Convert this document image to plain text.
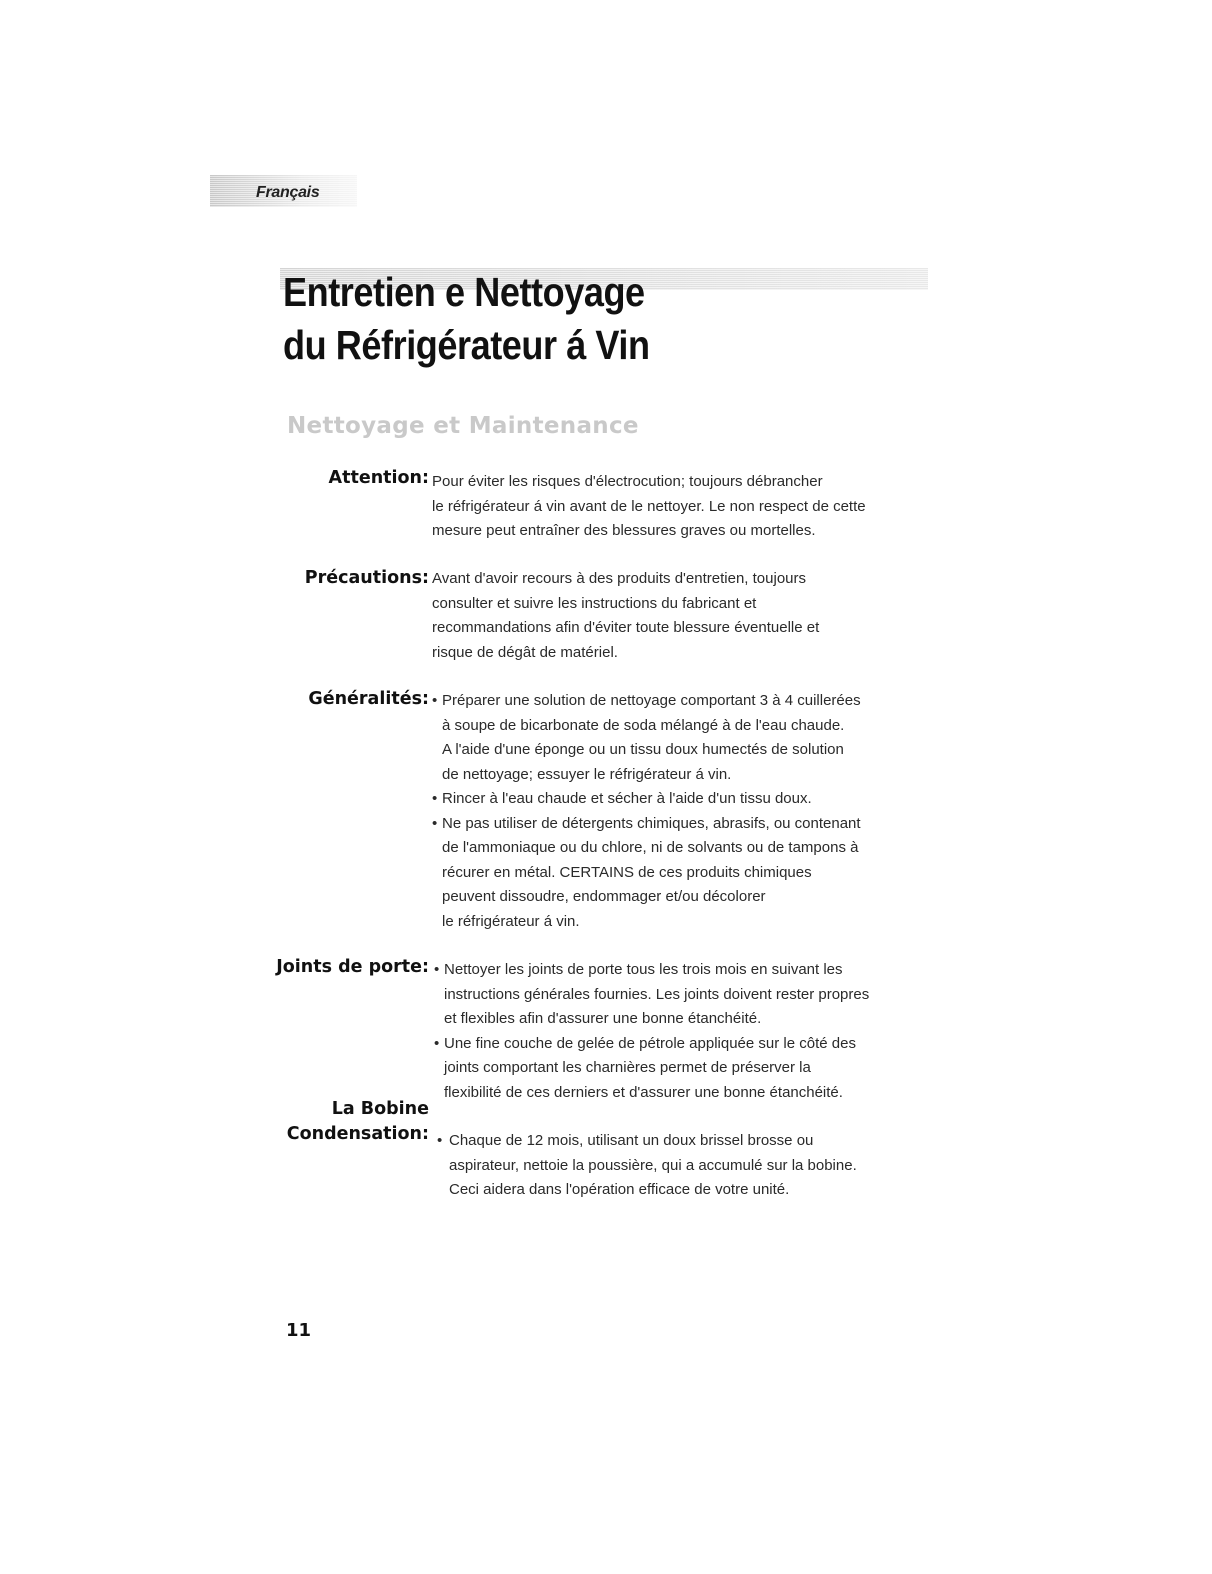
Français
Entretien e Nettoyage
du Réfrigérateur á Vin
Nettoyage et Maintenance
Attention: Pour éviter les risques d'électrocution; toujours débrancher

le réfrigérateur á vin avant de le nettoyer. Le non respect de cette

mesure peut entraîner des blessures graves ou mortelles.

Précautions: Avant d'avoir recours à des produits d'entretien, toujours

consulter et suivre les instructions du fabricant et

recommandations afin d'éviter toute blessure éventuelle et

risque de dégât de matériel.

Généralités: • Préparer une solution de nettoyage comportant 3 à 4 cuillerées

à soupe de bicarbonate de soda mélangé à de l'eau chaude.

A l'aide d'une éponge ou un tissu doux humectés de solution

de nettoyage; essuyer le réfrigérateur á vin.

• Rincer à l'eau chaude et sécher à l'aide d'un tissu doux.

• Ne pas utiliser de détergents chimiques, abrasifs, ou contenant

de l'ammoniaque ou du chlore, ni de solvants ou de tampons à

récurer en métal. CERTAINS de ces produits chimiques

peuvent dissoudre, endommager et/ou décolorer

le réfrigérateur á vin.

Joints de porte: • Nettoyer les joints de porte tous les trois mois en suivant les

instructions générales fournies. Les joints doivent rester propres

et flexibles afin d'assurer une bonne étanchéité.

• Une fine couche de gelée de pétrole appliquée sur le côté des

joints comportant les charnières permet de préserver la

flexibilité de ces derniers et d'assurer une bonne étanchéité.

La Bobine
Condensation: • Chaque de 12 mois, utilisant un doux brissel brosse ou

aspirateur, nettoie la poussière, qui a accumulé sur la bobine.

Ceci aidera dans l'opération efficace de votre unité.

11
